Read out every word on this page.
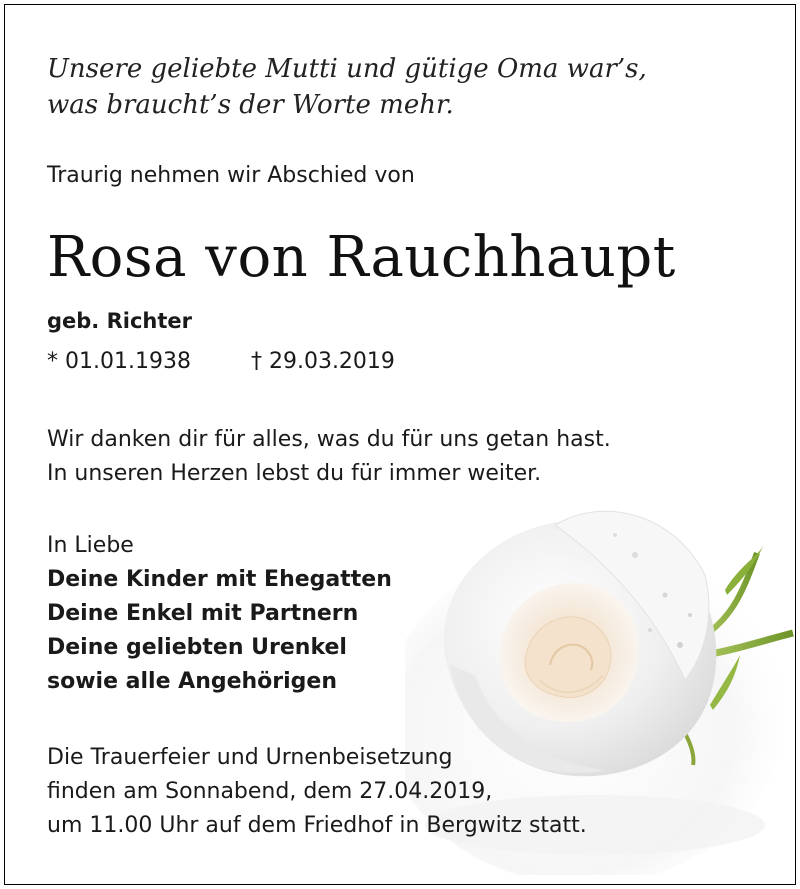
Unsere geliebte Mutti und gütige Oma war’s,
was braucht’s der Worte mehr.
Traurig nehmen wir Abschied von
Rosa von Rauchhaupt
geb. Richter
* 01.01.1938	† 29.03.2019
Wir danken dir für alles, was du für uns getan hast.
In unseren Herzen lebst du für immer weiter.
In Liebe
Deine Kinder mit Ehegatten
Deine Enkel mit Partnern
Deine geliebten Urenkel
sowie alle Angehörigen
Die Trauerfeier und Urnenbeisetzung
finden am Sonnabend, dem 27.04.2019,
um 11.00 Uhr auf dem Friedhof in Bergwitz statt.
